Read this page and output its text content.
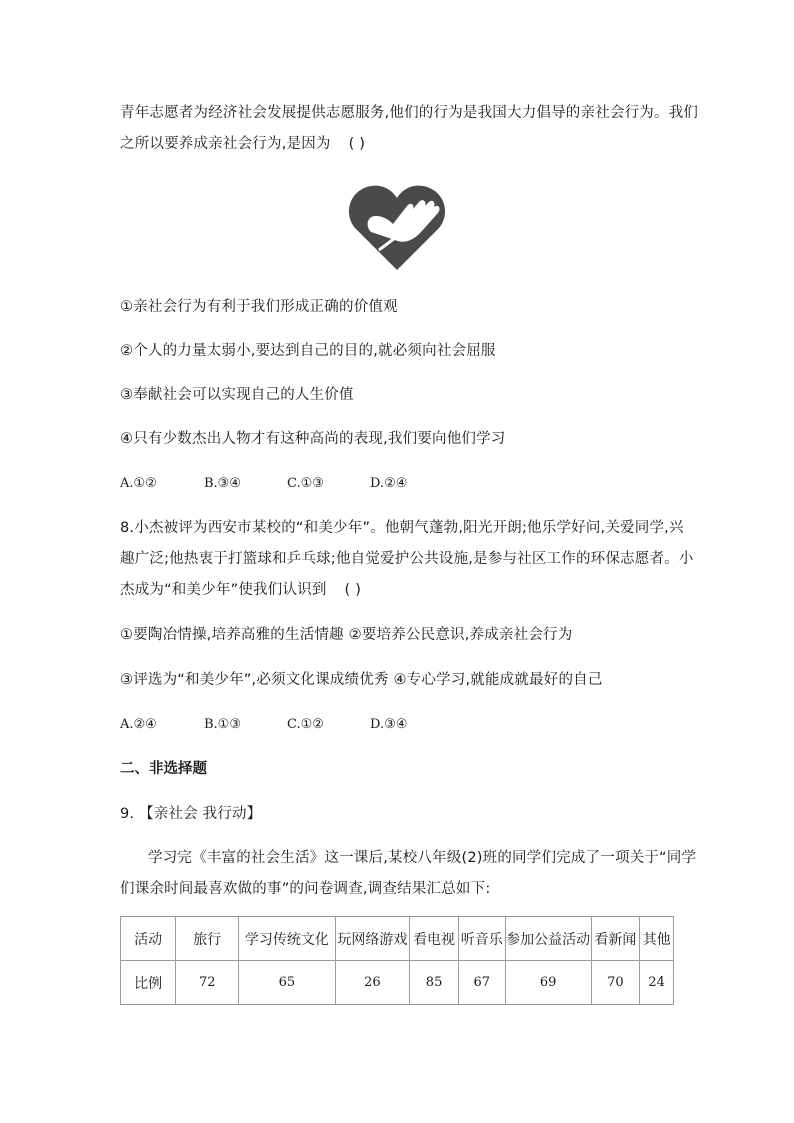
青年志愿者为经济社会发展提供志愿服务,他们的行为是我国大力倡导的亲社会行为。我们
之所以要养成亲社会行为,是因为 ( )
①亲社会行为有利于我们形成正确的价值观
②个人的力量太弱小,要达到自己的目的,就必须向社会屈服
③奉献社会可以实现自己的人生价值
④只有少数杰出人物才有这种高尚的表现,我们要向他们学习
A.①②	B.③④	C.①③	D.②④
8.小杰被评为西安市某校的“和美少年”。他朝气蓬勃,阳光开朗;他乐学好问,关爱同学,兴
趣广泛;他热衷于打篮球和乒乓球;他自觉爱护公共设施,是参与社区工作的环保志愿者。小
杰成为“和美少年”使我们认识到 ( )
①要陶冶情操,培养高雅的生活情趣 ②要培养公民意识,养成亲社会行为
③评选为“和美少年”,必须文化课成绩优秀 ④专心学习,就能成就最好的自己
A.②④	B.①③	C.①②	D.③④
二、非选择题
9. 【亲社会 我行动】
学习完《丰富的社会生活》这一课后,某校八年级(2)班的同学们完成了一项关于“同学
们课余时间最喜欢做的事”的问卷调查,调查结果汇总如下:
活动	旅行	学习传统文化	玩网络游戏	看电视	听音乐	参加公益活动	看新闻	其他
比例	72	65	26	85	67	69	70	24
